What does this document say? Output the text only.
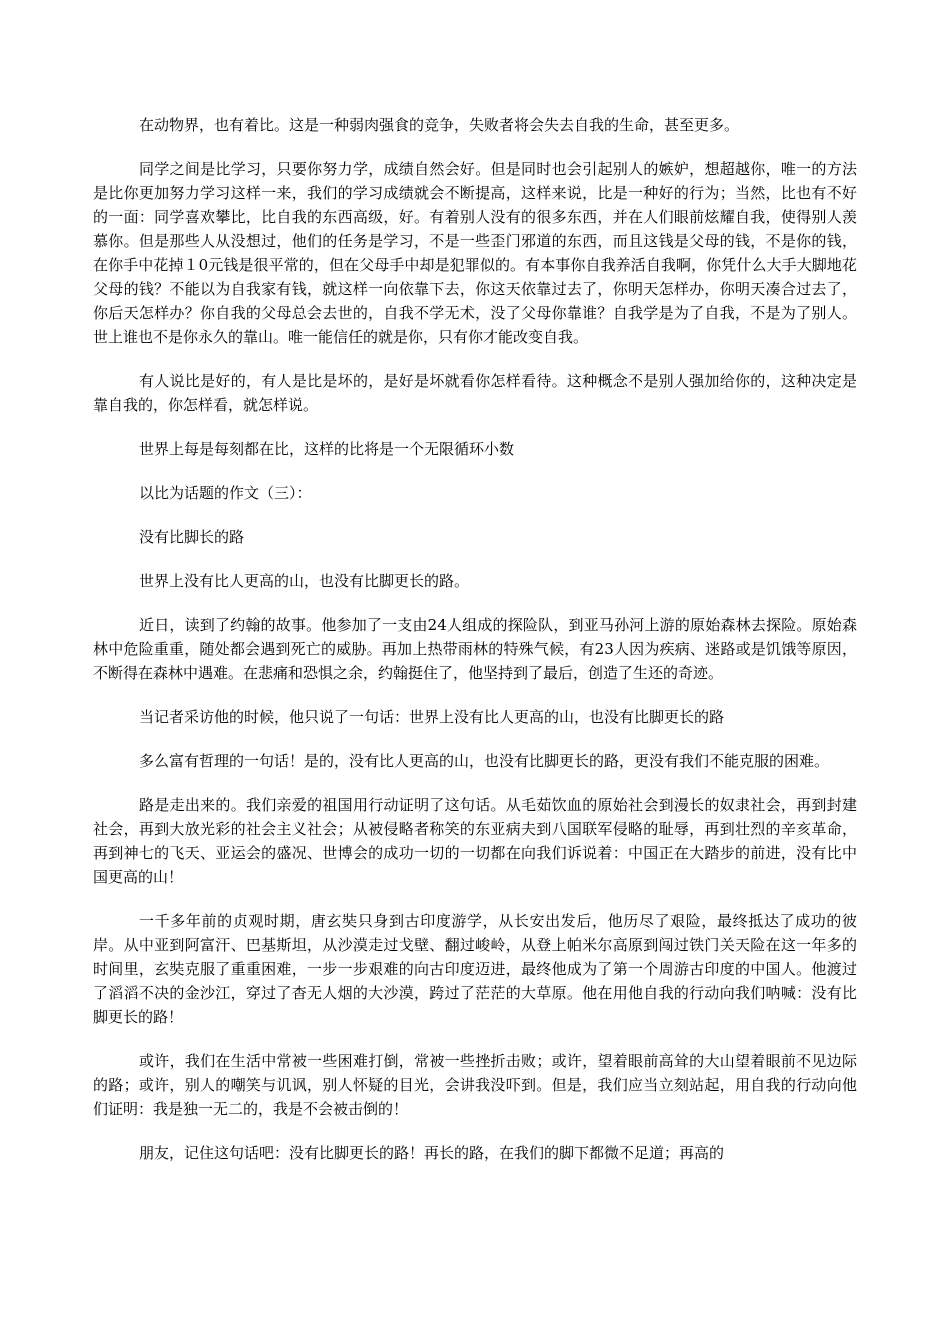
在动物界，也有着比。这是一种弱肉强食的竞争，失败者将会失去自我的生命，甚至更多。

同学之间是比学习，只要你努力学，成绩自然会好。但是同时也会引起别人的嫉妒，想超越你，唯一的方法是比你更加努力学习这样一来，我们的学习成绩就会不断提高，这样来说，比是一种好的行为；当然，比也有不好的一面：同学喜欢攀比，比自我的东西高级，好。有着别人没有的很多东西，并在人们眼前炫耀自我，使得别人羡慕你。但是那些人从没想过，他们的任务是学习，不是一些歪门邪道的东西，而且这钱是父母的钱，不是你的钱，在你手中花掉１0元钱是很平常的，但在父母手中却是犯罪似的。有本事你自我养活自我啊，你凭什么大手大脚地花父母的钱？不能以为自我家有钱，就这样一向依靠下去，你这天依靠过去了，你明天怎样办，你明天凑合过去了，你后天怎样办？你自我的父母总会去世的，自我不学无术，没了父母你靠谁？自我学是为了自我，不是为了别人。世上谁也不是你永久的靠山。唯一能信任的就是你，只有你才能改变自我。

有人说比是好的，有人是比是坏的，是好是坏就看你怎样看待。这种概念不是别人强加给你的，这种决定是靠自我的，你怎样看，就怎样说。

世界上每是每刻都在比，这样的比将是一个无限循环小数

以比为话题的作文（三）：

没有比脚长的路

世界上没有比人更高的山，也没有比脚更长的路。

近日，读到了约翰的故事。他参加了一支由24人组成的探险队，到亚马孙河上游的原始森林去探险。原始森林中危险重重，随处都会遇到死亡的威胁。再加上热带雨林的特殊气候，有23人因为疾病、迷路或是饥饿等原因，不断得在森林中遇难。在悲痛和恐惧之余，约翰挺住了，他坚持到了最后，创造了生还的奇迹。

当记者采访他的时候，他只说了一句话：世界上没有比人更高的山，也没有比脚更长的路

多么富有哲理的一句话！是的，没有比人更高的山，也没有比脚更长的路，更没有我们不能克服的困难。

路是走出来的。我们亲爱的祖国用行动证明了这句话。从毛茹饮血的原始社会到漫长的奴隶社会，再到封建社会，再到大放光彩的社会主义社会；从被侵略者称笑的东亚病夫到八国联军侵略的耻辱，再到壮烈的辛亥革命，再到神七的飞天、亚运会的盛况、世博会的成功一切的一切都在向我们诉说着：中国正在大踏步的前进，没有比中国更高的山！

一千多年前的贞观时期，唐玄奘只身到古印度游学，从长安出发后，他历尽了艰险，最终抵达了成功的彼岸。从中亚到阿富汗、巴基斯坦，从沙漠走过戈壁、翻过峻岭，从登上帕米尔高原到闯过铁门关天险在这一年多的时间里，玄奘克服了重重困难，一步一步艰难的向古印度迈进，最终他成为了第一个周游古印度的中国人。他渡过了滔滔不决的金沙江，穿过了杳无人烟的大沙漠，跨过了茫茫的大草原。他在用他自我的行动向我们呐喊：没有比脚更长的路！

或许，我们在生活中常被一些困难打倒，常被一些挫折击败；或许，望着眼前高耸的大山望着眼前不见边际的路；或许，别人的嘲笑与讥讽，别人怀疑的目光，会讲我没吓到。但是，我们应当立刻站起，用自我的行动向他们证明：我是独一无二的，我是不会被击倒的！

朋友，记住这句话吧：没有比脚更长的路！再长的路，在我们的脚下都微不足道；再高的
